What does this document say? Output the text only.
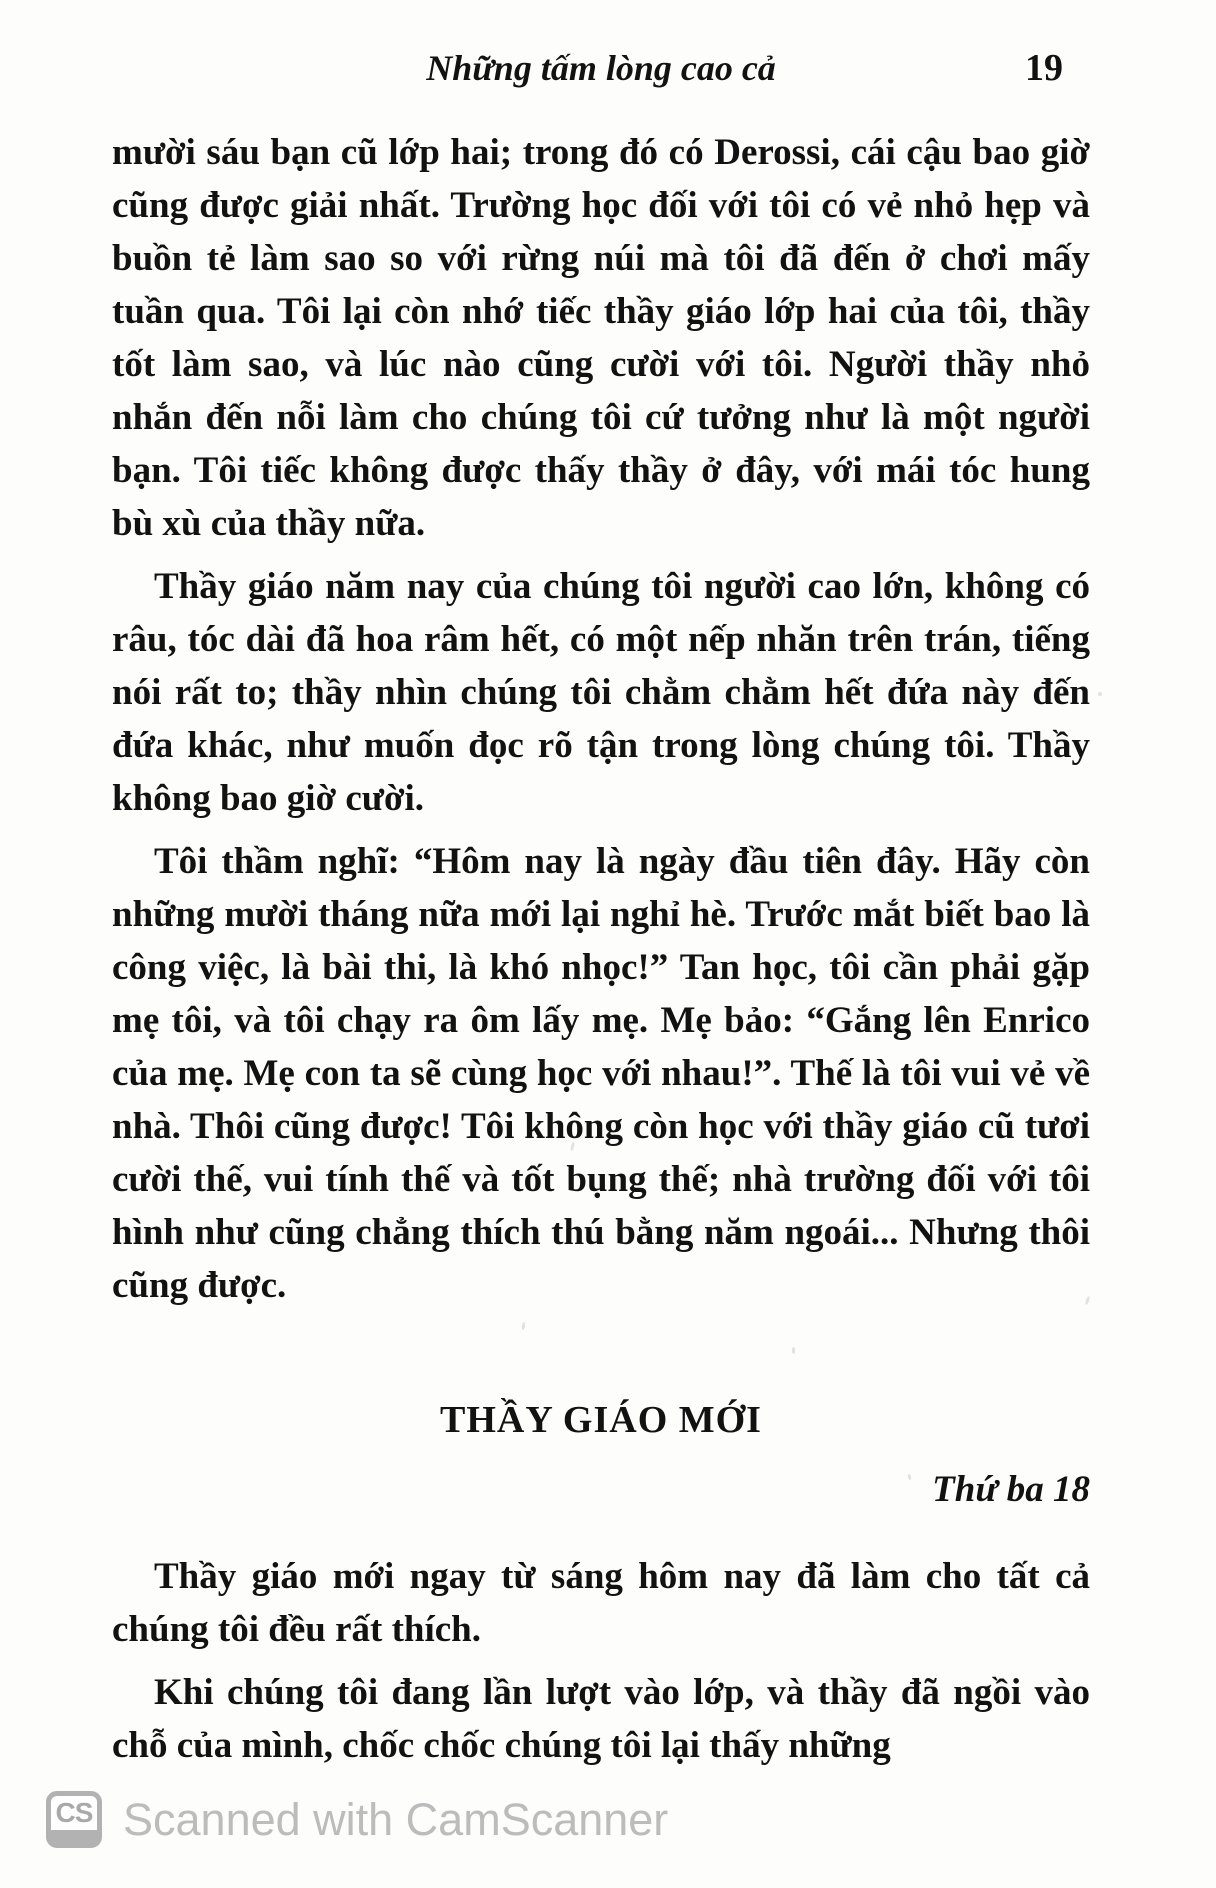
Những tấm lòng cao cả	19

mười sáu bạn cũ lớp hai; trong đó có Derossi, cái cậu bao giờ cũng được giải nhất. Trường học đối với tôi có vẻ nhỏ hẹp và buồn tẻ làm sao so với rừng núi mà tôi đã đến ở chơi mấy tuần qua. Tôi lại còn nhớ tiếc thầy giáo lớp hai của tôi, thầy tốt làm sao, và lúc nào cũng cười với tôi. Người thầy nhỏ nhắn đến nỗi làm cho chúng tôi cứ tưởng như là một người bạn. Tôi tiếc không được thấy thầy ở đây, với mái tóc hung bù xù của thầy nữa.

Thầy giáo năm nay của chúng tôi người cao lớn, không có râu, tóc dài đã hoa râm hết, có một nếp nhăn trên trán, tiếng nói rất to; thầy nhìn chúng tôi chằm chằm hết đứa này đến đứa khác, như muốn đọc rõ tận trong lòng chúng tôi. Thầy không bao giờ cười.

Tôi thầm nghĩ: “Hôm nay là ngày đầu tiên đây. Hãy còn những mười tháng nữa mới lại nghỉ hè. Trước mắt biết bao là công việc, là bài thi, là khó nhọc!” Tan học, tôi cần phải gặp mẹ tôi, và tôi chạy ra ôm lấy mẹ. Mẹ bảo: “Gắng lên Enrico của mẹ. Mẹ con ta sẽ cùng học với nhau!”. Thế là tôi vui vẻ về nhà. Thôi cũng được! Tôi không còn học với thầy giáo cũ tươi cười thế, vui tính thế và tốt bụng thế; nhà trường đối với tôi hình như cũng chẳng thích thú bằng năm ngoái... Nhưng thôi cũng được.

THẦY GIÁO MỚI
Thứ ba 18

Thầy giáo mới ngay từ sáng hôm nay đã làm cho tất cả chúng tôi đều rất thích.

Khi chúng tôi đang lần lượt vào lớp, và thầy đã ngồi vào chỗ của mình, chốc chốc chúng tôi lại thấy những

CS Scanned with CamScanner
